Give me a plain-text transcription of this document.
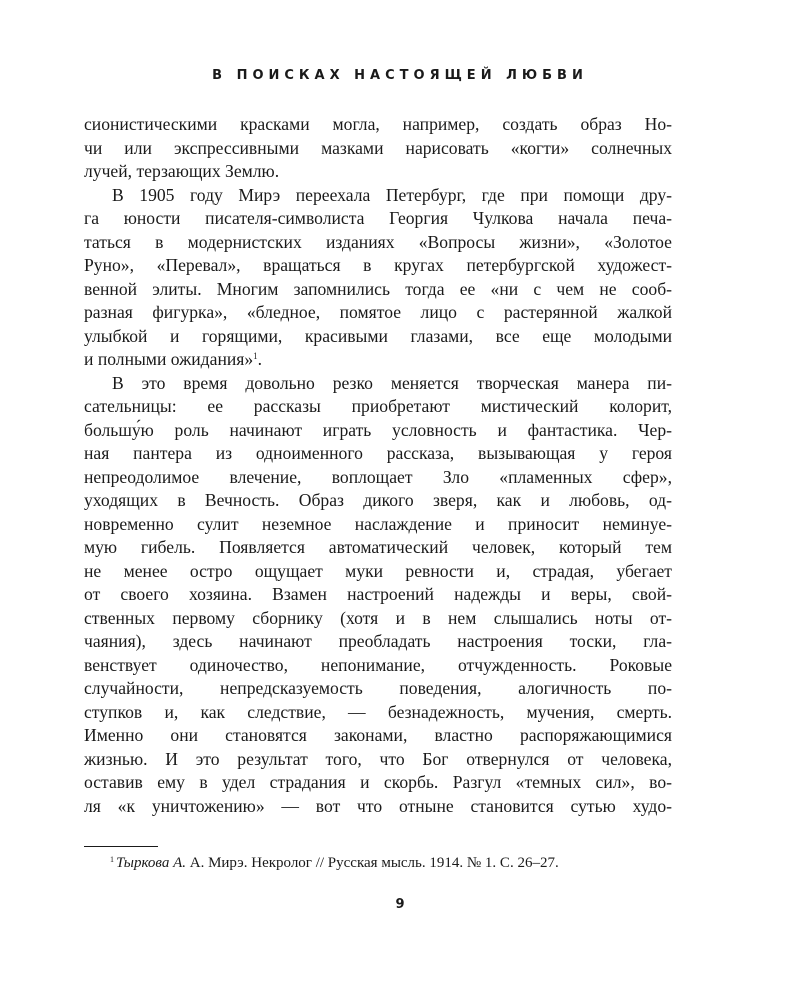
В ПОИСКАХ НАСТОЯЩЕЙ ЛЮБВИ
сионистическими красками могла, например, создать образ Но-
чи или экспрессивными мазками нарисовать «когти» солнечных
лучей, терзающих Землю.
В 1905 году Мирэ переехала Петербург, где при помощи дру-
га юности писателя-символиста Георгия Чулкова начала печа-
таться в модернистских изданиях «Вопросы жизни», «Золотое
Руно», «Перевал», вращаться в кругах петербургской художест-
венной элиты. Многим запомнились тогда ее «ни с чем не сооб-
разная фигурка», «бледное, помятое лицо с растерянной жалкой
улыбкой и горящими, красивыми глазами, все еще молодыми
и полными ожидания»$^1$.
В это время довольно резко меняется творческая манера пи-
сательницы: ее рассказы приобретают мистический колорит,
большу́ю роль начинают играть условность и фантастика. Чер-
ная пантера из одноименного рассказа, вызывающая у героя
непреодолимое влечение, воплощает Зло «пламенных сфер»,
уходящих в Вечность. Образ дикого зверя, как и любовь, од-
новременно сулит неземное наслаждение и приносит неминуе-
мую гибель. Появляется автоматический человек, который тем
не менее остро ощущает муки ревности и, страдая, убегает
от своего хозяина. Взамен настроений надежды и веры, свой-
ственных первому сборнику (хотя и в нем слышались ноты от-
чаяния), здесь начинают преобладать настроения тоски, гла-
венствует одиночество, непонимание, отчужденность. Роковые
случайности, непредсказуемость поведения, алогичность по-
ступков и, как следствие, — безнадежность, мучения, смерть.
Именно они становятся законами, властно распоряжающимися
жизнью. И это результат того, что Бог отвернулся от человека,
оставив ему в удел страдания и скорбь. Разгул «темных сил», во-
ля «к уничтожению» — вот что отныне становится сутью худо-
$^1$ Тыркова А. А. Мирэ. Некролог // Русская мысль. 1914. № 1. С. 26–27.
9
